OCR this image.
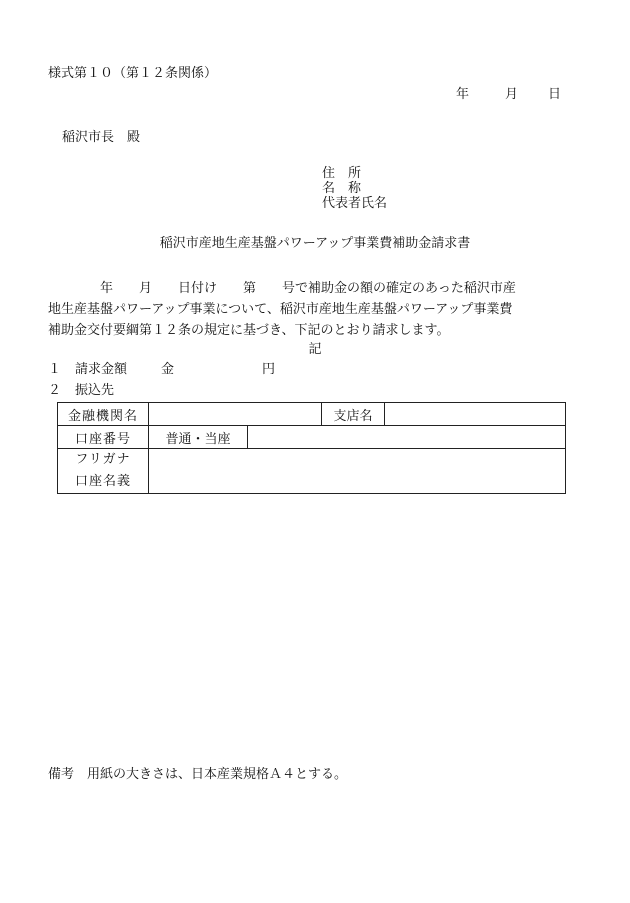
様式第１０（第１２条関係）
年	月 日
稲沢市長　殿
住　所
名　称
代表者氏名
稲沢市産地生産基盤パワーアップ事業費補助金請求書

　　　　年　　月　　日付け　　第　　号で補助金の額の確定のあった稲沢市産

地生産基盤パワーアップ事業について、稲沢市産地生産基盤パワーアップ事業費

補助金交付要綱第１２条の規定に基づき、下記のとおり請求します。

記
１ 請求金額	金	円
２ 振込先
金融機関名		支店名	
口座番号		普通・当座	

フリガナ
口座名義

備考　用紙の大きさは、日本産業規格Ａ４とする。
